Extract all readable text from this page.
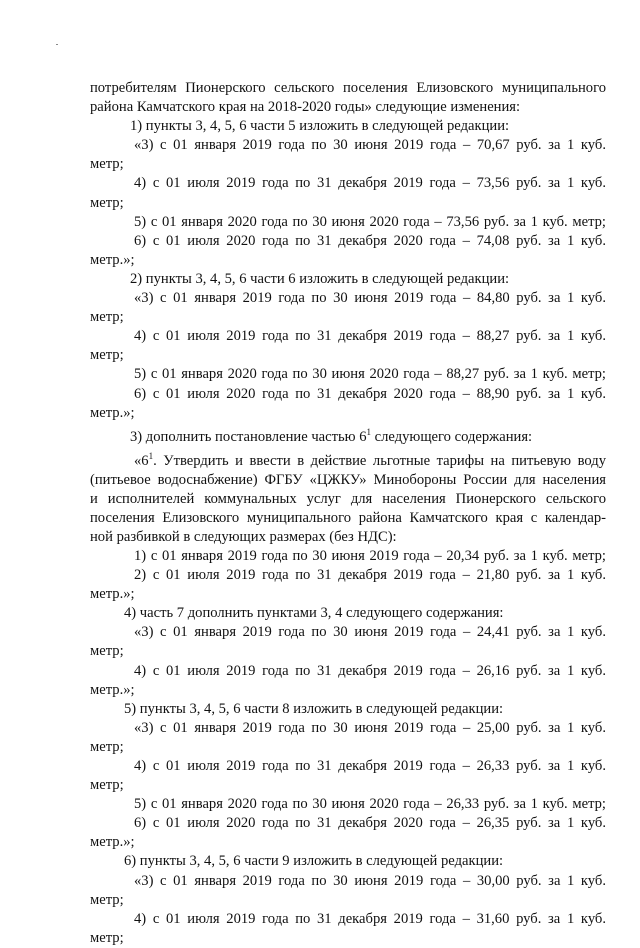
потребителям Пионерского сельского поселения Елизовского муниципального

района Камчатского края на 2018-2020 годы» следующие изменения:

1) пункты 3, 4, 5, 6 части 5 изложить в следующей редакции:

«3) с 01 января 2019 года по 30 июня 2019 года – 70,67 руб. за 1 куб.

метр;

4) с 01 июля 2019 года по 31 декабря 2019 года – 73,56 руб. за 1 куб.

метр;

5) с 01 января 2020 года по 30 июня 2020 года – 73,56 руб. за 1 куб. метр;

6) с 01 июля 2020 года по 31 декабря 2020 года – 74,08 руб. за 1 куб.

метр.»;

2) пункты 3, 4, 5, 6 части 6 изложить в следующей редакции:

«3) с 01 января 2019 года по 30 июня 2019 года – 84,80 руб. за 1 куб.

метр;

4) с 01 июля 2019 года по 31 декабря 2019 года – 88,27 руб. за 1 куб.

метр;

5) с 01 января 2020 года по 30 июня 2020 года – 88,27 руб. за 1 куб. метр;

6) с 01 июля 2020 года по 31 декабря 2020 года – 88,90 руб. за 1 куб.

метр.»;

3) дополнить постановление частью $6^1$ следующего содержания:

«$6^1$. Утвердить и ввести в действие льготные тарифы на питьевую воду

(питьевое водоснабжение) ФГБУ «ЦЖКУ» Минобороны России для населения

и исполнителей коммунальных услуг для населения Пионерского сельского

поселения Елизовского муниципального района Камчатского края с календар-

ной разбивкой в следующих размерах (без НДС):

1) с 01 января 2019 года по 30 июня 2019 года – 20,34 руб. за 1 куб. метр;

2) с 01 июля 2019 года по 31 декабря 2019 года – 21,80 руб. за 1 куб.

метр.»;

4) часть 7 дополнить пунктами 3, 4 следующего содержания:

«3) с 01 января 2019 года по 30 июня 2019 года – 24,41 руб. за 1 куб.

метр;

4) с 01 июля 2019 года по 31 декабря 2019 года – 26,16 руб. за 1 куб.

метр.»;

5) пункты 3, 4, 5, 6 части 8 изложить в следующей редакции:

«3) с 01 января 2019 года по 30 июня 2019 года – 25,00 руб. за 1 куб.

метр;

4) с 01 июля 2019 года по 31 декабря 2019 года – 26,33 руб. за 1 куб.

метр;

5) с 01 января 2020 года по 30 июня 2020 года – 26,33 руб. за 1 куб. метр;

6) с 01 июля 2020 года по 31 декабря 2020 года – 26,35 руб. за 1 куб.

метр.»;

6) пункты 3, 4, 5, 6 части 9 изложить в следующей редакции:

«3) с 01 января 2019 года по 30 июня 2019 года – 30,00 руб. за 1 куб.

метр;

4) с 01 июля 2019 года по 31 декабря 2019 года – 31,60 руб. за 1 куб.

метр;
